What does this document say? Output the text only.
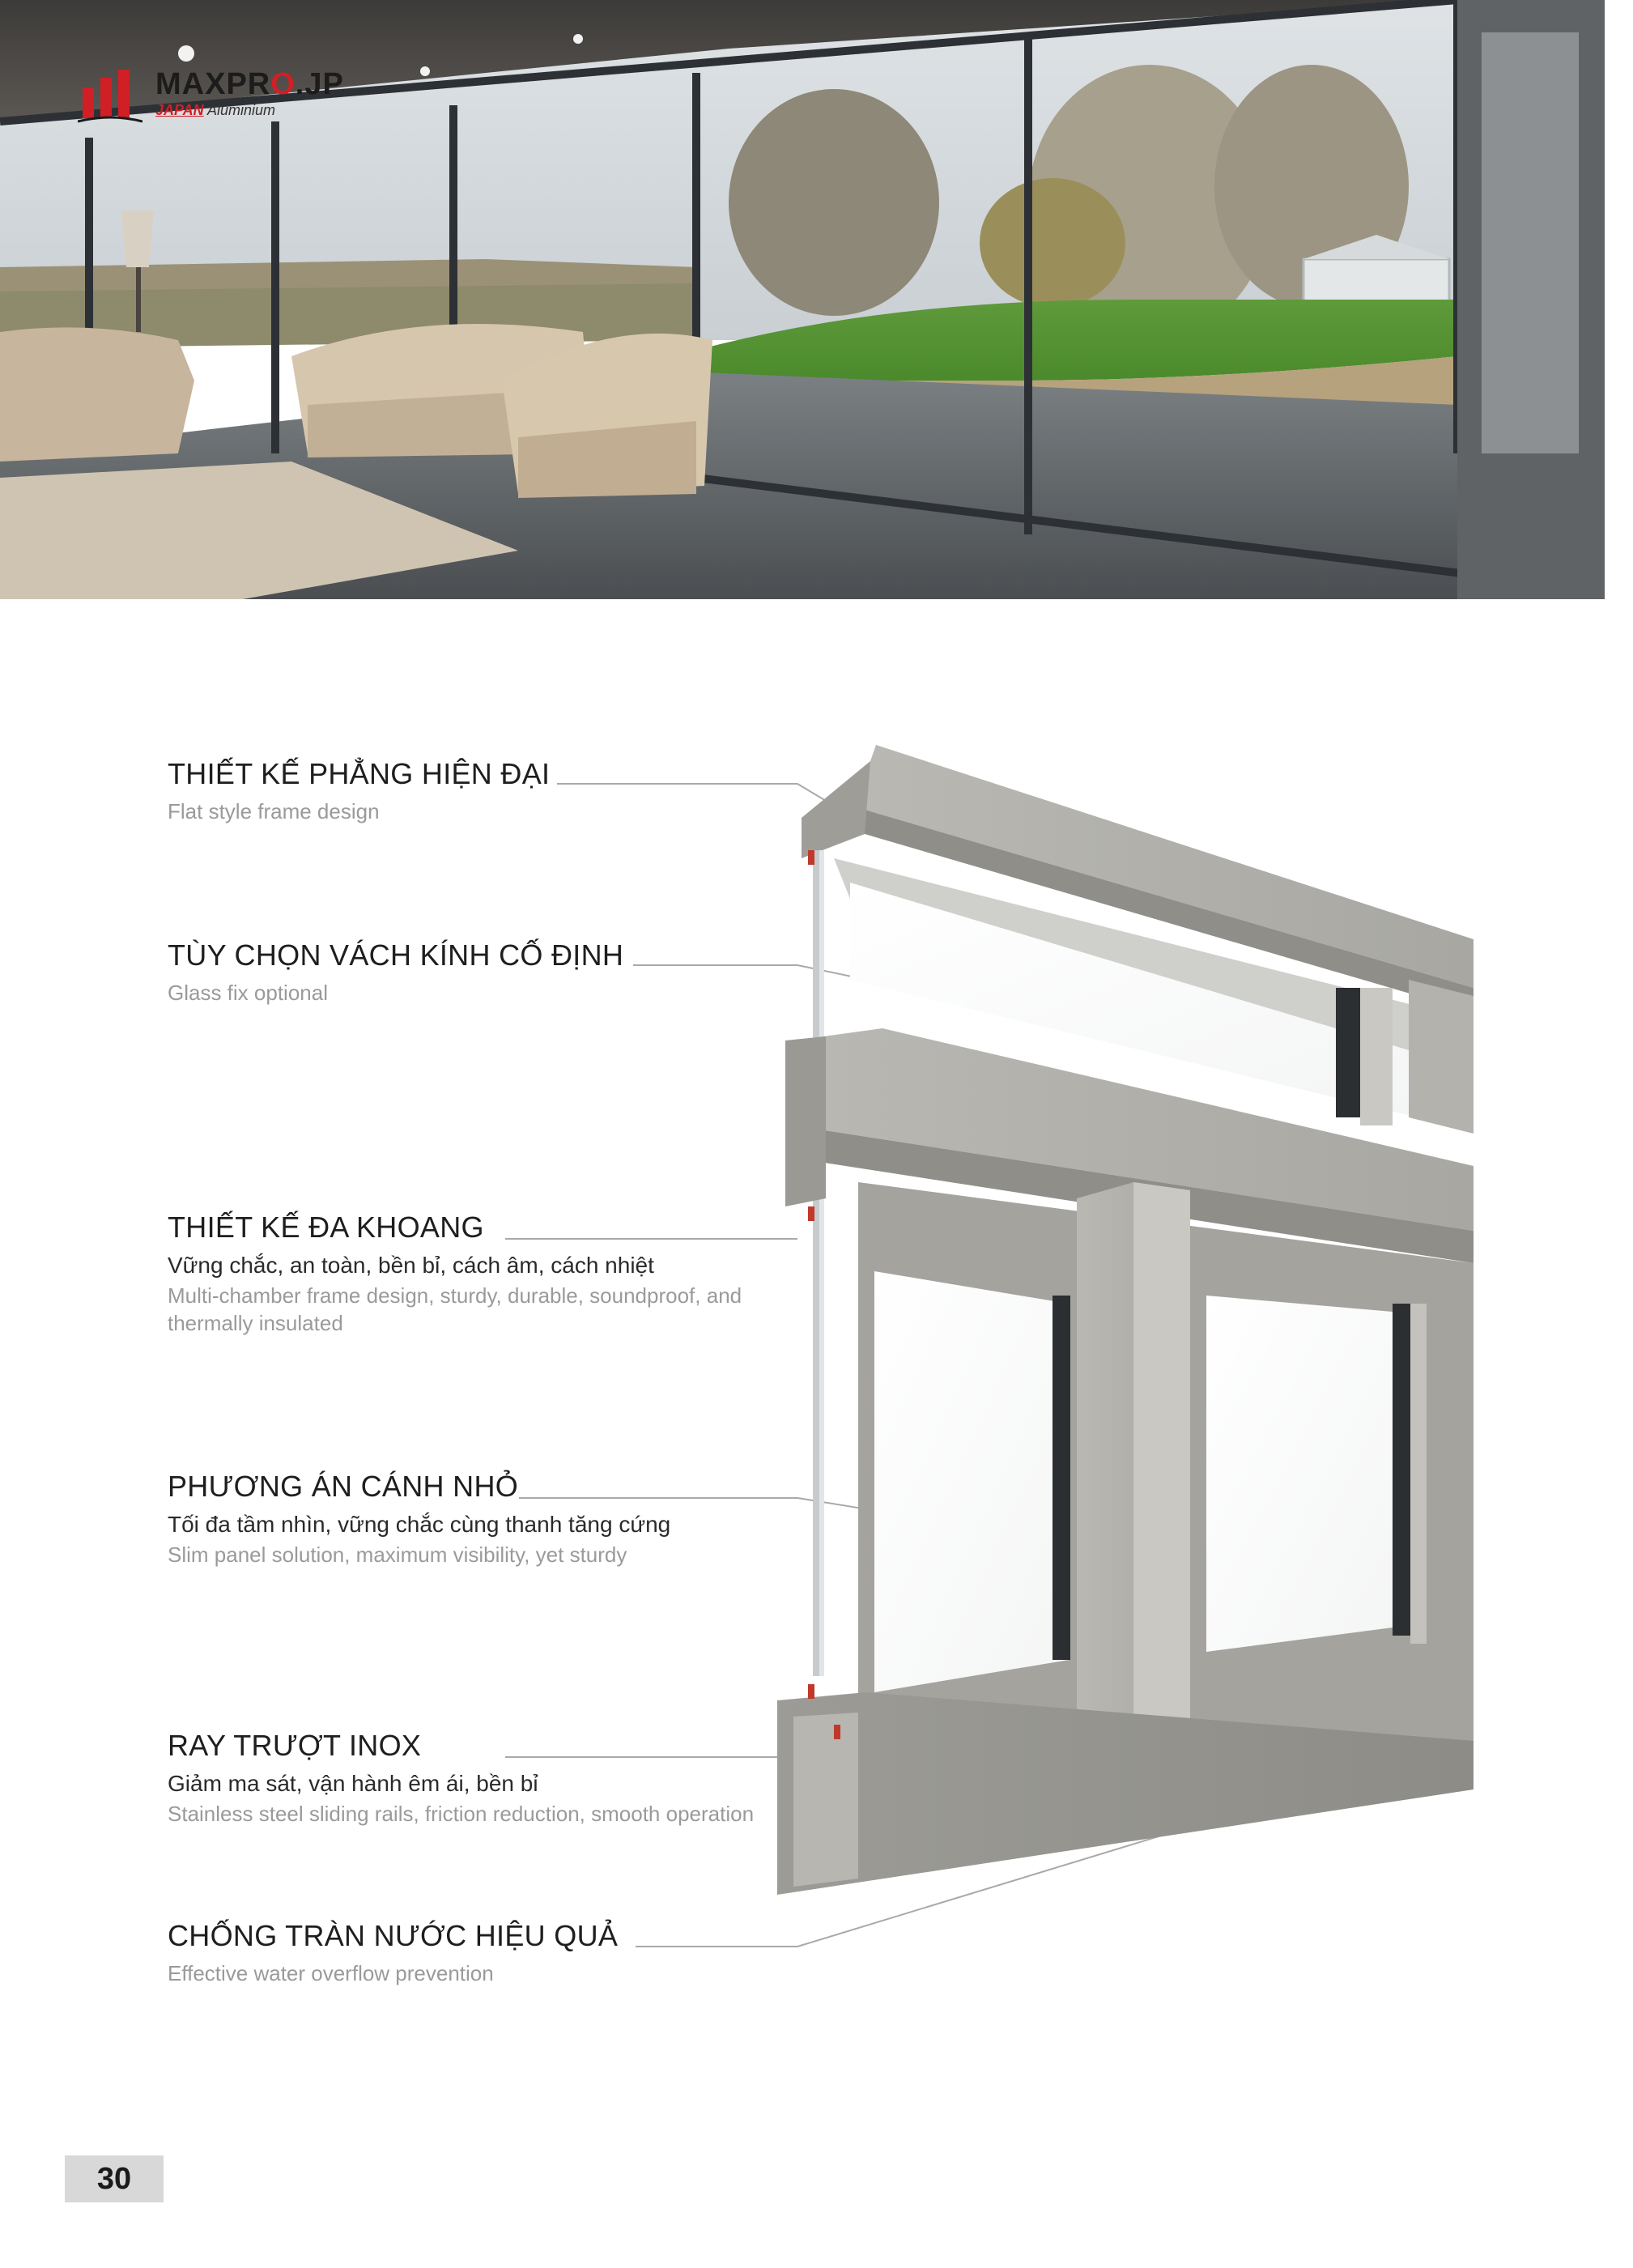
MAXPRO.JP
JAPAN Aluminium
THIẾT KẾ PHẲNG HIỆN ĐẠI
Flat style frame design
TÙY CHỌN VÁCH KÍNH CỐ ĐỊNH
Glass fix optional
THIẾT KẾ ĐA KHOANG
Vững chắc, an toàn, bền bỉ, cách âm, cách nhiệt
Multi-chamber frame design, sturdy, durable, soundproof, and thermally insulated
PHƯƠNG ÁN CÁNH NHỎ
Tối đa tầm nhìn, vững chắc cùng thanh tăng cứng
Slim panel solution, maximum visibility, yet sturdy
RAY TRƯỢT INOX
Giảm ma sát, vận hành êm ái, bền bỉ
Stainless steel sliding rails, friction reduction, smooth operation
CHỐNG TRÀN NƯỚC HIỆU QUẢ
Effective water overflow prevention
30
